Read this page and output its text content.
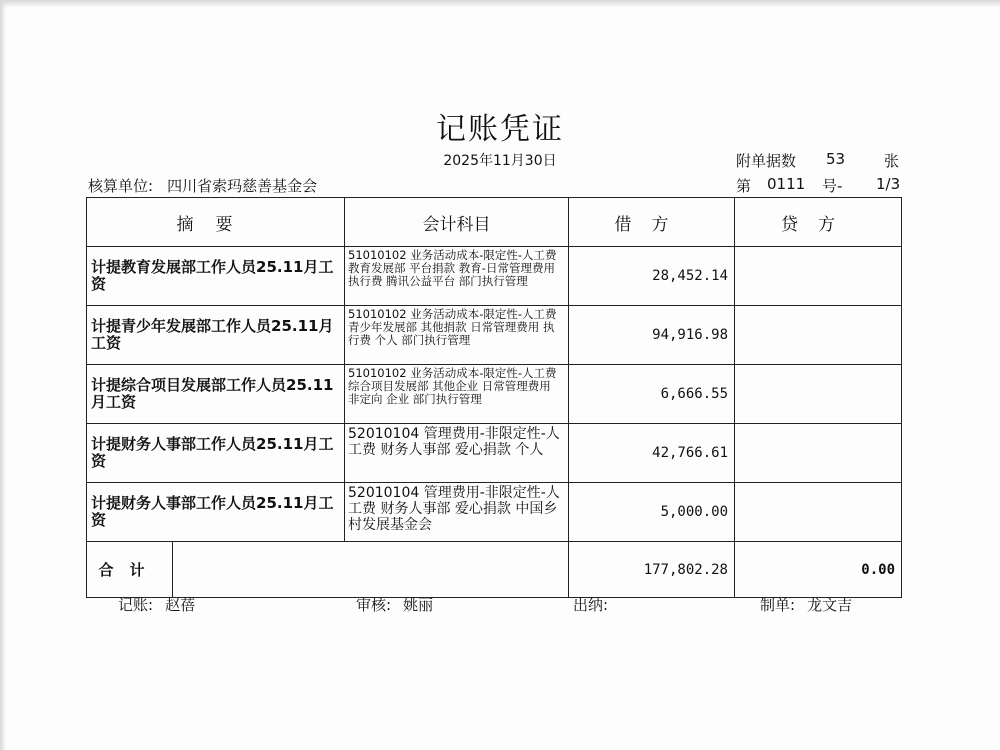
记账凭证
2025年11月30日	附单据数 53	张
核算单位: 四川省索玛慈善基金会	第 0111 号- 1/3
摘要		会计科目	借方	贷方
计提教育发展部工作人员25.11月工资		51010102 业务活动成本-限定性-人工费 教育发展部 平台捐款 教育-日常管理费用 执行费 腾讯公益平台 部门执行管理	28,452.14	
计提青少年发展部工作人员25.11月工资		51010102 业务活动成本-限定性-人工费 青少年发展部 其他捐款 日常管理费用 执行费 个人 部门执行管理	94,916.98	
计提综合项目发展部工作人员25.11月工资		51010102 业务活动成本-限定性-人工费 综合项目发展部 其他企业 日常管理费用 非定向 企业 部门执行管理	6,666.55	
计提财务人事部工作人员25.11月工资		52010104 管理费用-非限定性-人工费 财务人事部 爱心捐款 个人	42,766.61	
计提财务人事部工作人员25.11月工资		52010104 管理费用-非限定性-人工费 财务人事部 爱心捐款 中国乡村发展基金会	5,000.00	
合计			177,802.28	0.00
记账: 赵蓓	审核: 姚丽	出纳:	制单: 龙文吉
